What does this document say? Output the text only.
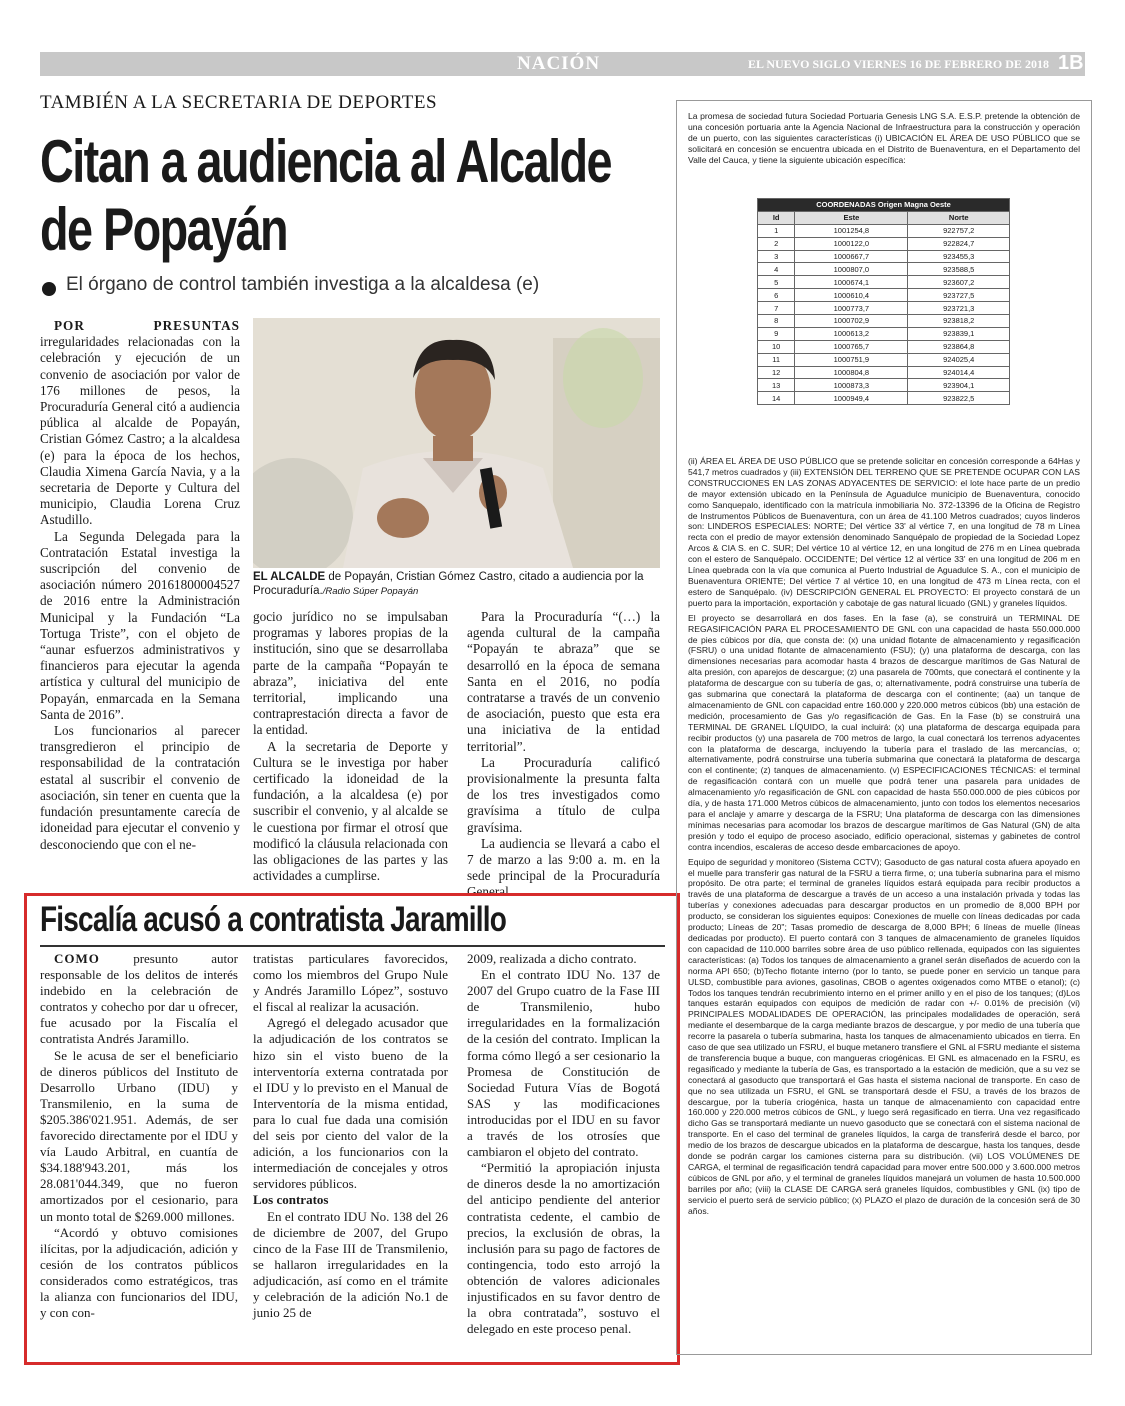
NACIÓN	EL NUEVO SIGLO VIERNES 16 DE FEBRERO DE 2018 1B
TAMBIÉN A LA SECRETARIA DE DEPORTES
Citan a audiencia al Alcalde de Popayán
El órgano de control también investiga a la alcaldesa (e)

POR PRESUNTAS irregularidades relacionadas con la celebración y ejecución de un convenio de asociación por valor de 176 millones de pesos, la Procuraduría General citó a audiencia pública al alcalde de Popayán, Cristian Gómez Castro; a la alcaldesa (e) para la época de los hechos, Claudia Ximena García Navia, y a la secretaria de Deporte y Cultura del municipio, Claudia Lorena Cruz Astudillo.

La Segunda Delegada para la Contratación Estatal investiga la suscripción del convenio de asociación número 20161800004527 de 2016 entre la Administración Municipal y la Fundación “La Tortuga Triste”, con el objeto de “aunar esfuerzos administrativos y financieros para ejecutar la agenda artística y cultural del municipio de Popayán, enmarcada en la Semana Santa de 2016”.

Los funcionarios al parecer transgredieron el principio de responsabilidad de la contratación estatal al suscribir el convenio de asociación, sin tener en cuenta que la fundación presuntamente carecía de idoneidad para ejecutar el convenio y desconociendo que con el ne-

EL ALCALDE de Popayán, Cristian Gómez Castro, citado a audiencia por la Procuraduría./Radio Súper Popayán

gocio jurídico no se impulsaban programas y labores propias de la institución, sino que se desarrollaba parte de la campaña “Popayán te abraza”, iniciativa del ente territorial, implicando una contraprestación directa a favor de la entidad.

A la secretaria de Deporte y Cultura se le investiga por haber certificado la idoneidad de la fundación, a la alcaldesa (e) por suscribir el convenio, y al alcalde se le cuestiona por firmar el otrosí que modificó la cláusula relacionada con las obligaciones de las partes y las actividades a cumplirse.

Para la Procuraduría “(…) la agenda cultural de la campaña “Popayán te abraza” que se desarrolló en la época de semana Santa en el 2016, no podía contratarse a través de un convenio de asociación, puesto que esta era una iniciativa de la entidad territorial”.

La Procuraduría calificó provisionalmente la presunta falta de los tres investigados como gravísima a título de culpa gravísima.

La audiencia se llevará a cabo el 7 de marzo a las 9:00 a. m. en la sede principal de la Procuraduría General.

Fiscalía acusó a contratista Jaramillo

COMO	presunto autor responsable de los delitos de interés indebido en la celebración de contratos y cohecho por dar u ofrecer, fue acusado por la Fiscalía el contratista Andrés Jaramillo.

Se le acusa de ser el beneficiario de dineros públicos del Instituto de Desarrollo Urbano (IDU) y Transmilenio, en la suma de $205.386'021.951. Además, de ser favorecido directamente por el IDU y vía Laudo Arbitral, en cuantía de $34.188'943.201, más los 28.081'044.349, que no fueron amortizados por el cesionario, para un monto total de $269.000 millones.

“Acordó y obtuvo comisiones ilícitas, por la adjudicación, adición y cesión de los contratos públicos considerados como estratégicos, tras la alianza con funcionarios del IDU, y con con-

tratistas particulares favorecidos, como los miembros del Grupo Nule y Andrés Jaramillo López”, sostuvo el fiscal al realizar la acusación.

Agregó el delegado acusador que la adjudicación de los contratos se hizo sin el visto bueno de la interventoría externa contratada por el IDU y lo previsto en el Manual de Interventoría de la misma entidad, para lo cual fue dada una comisión del seis por ciento del valor de la adición, a los funcionarios con la intermediación de concejales y otros servidores públicos.

Los contratos

En el contrato IDU No. 138 del 26 de diciembre de 2007, del Grupo cinco de la Fase III de Transmilenio, se hallaron irregularidades en la adjudicación, así como en el trámite y celebración de la adición No.1 de junio 25 de

2009, realizada a dicho contrato.

En el contrato IDU No. 137 de 2007 del Grupo cuatro de la Fase III de Transmilenio, hubo irregularidades en la formalización de la cesión del contrato. Implican la forma cómo llegó a ser cesionario la Promesa de Constitución de Sociedad Futura Vías de Bogotá SAS y las modificaciones introducidas por el IDU en su favor a través de los otrosíes que cambiaron el objeto del contrato.

“Permitió la apropiación injusta de dineros desde la no amortización del anticipo pendiente del anterior contratista cedente, el cambio de precios, la exclusión de obras, la inclusión para su pago de factores de contingencia, todo esto arrojó la obtención de valores adicionales injustificados en su favor dentro de la obra contratada”, sostuvo el delegado en este proceso penal.

La promesa de sociedad futura Sociedad Portuaria Genesis LNG S.A. E.S.P. pretende la obtención de una concesión portuaria ante la Agencia Nacional de Infraestructura para la construcción y operación de un puerto, con las siguientes características (i) UBICACIÓN EL ÁREA DE USO PÚBLICO que se solicitará en concesión se encuentra ubicada en el Distrito de Buenaventura, en el Departamento del Valle del Cauca, y tiene la siguiente ubicación específica:
COORDENADAS Origen Magna Oeste		
Id	Este	Norte
1	1001254,8	922757,2
2	1000122,0	922824,7
3	1000667,7	923455,3
4	1000807,0	923588,5
5	1000674,1	923607,2
6	1000610,4	923727,5
7	1000773,7	923721,3
8	1000702,9	923818,2
9	1000613,2	923839,1
10	1000765,7	923864,8
11	1000751,9	924025,4
12	1000804,8	924014,4
13	1000873,3	923904,1
14	1000949,4	923822,5

(ii) ÁREA EL ÁREA DE USO PÚBLICO que se pretende solicitar en concesión corresponde a 64Has y 541,7 metros cuadrados y (iii) EXTENSIÓN DEL TERRENO QUE SE PRETENDE OCUPAR CON LAS CONSTRUCCIONES EN LAS ZONAS ADYACENTES DE SERVICIO: el lote hace parte de un predio de mayor extensión ubicado en la Península de Aguadulce municipio de Buenaventura, conocido como Sanquepalo, identificado con la matrícula inmobiliaria No. 372-13396 de la Oficina de Registro de Instrumentos Públicos de Buenaventura, con un área de 41.100 Metros cuadrados; cuyos linderos son: LINDEROS ESPECIALES: NORTE; Del vértice 33' al vértice 7, en una longitud de 78 m Línea recta con el predio de mayor extensión denominado Sanquépalo de propiedad de la Sociedad Lopez Arcos & CIA S. en C. SUR; Del vértice 10 al vértice 12, en una longitud de 276 m en Línea quebrada con el estero de Sanquépalo. OCCIDENTE; Del vértice 12 al vértice 33' en una longitud de 206 m en Línea quebrada con la vía que comunica al Puerto Industrial de Aguadulce S. A., con el municipio de Buenaventura ORIENTE; Del vértice 7 al vértice 10, en una longitud de 473 m Línea recta, con el estero de Sanquépalo. (iv) DESCRIPCIÓN GENERAL EL PROYECTO: El proyecto constará de un puerto para la importación, exportación y cabotaje de gas natural licuado (GNL) y graneles líquidos.

El proyecto se desarrollará en dos fases. En la fase (a), se construirá un TERMINAL DE REGASIFICACIÓN PARA EL PROCESAMIENTO DE GNL con una capacidad de hasta 550.000.000 de pies cúbicos por día, que consta de: (x) una unidad flotante de almacenamiento y regasificación (FSRU) o una unidad flotante de almacenamiento (FSU); (y) una plataforma de descarga, con las dimensiones necesarias para acomodar hasta 4 brazos de descargue marítimos de Gas Natural de alta presión, con aparejos de descargue; (z) una pasarela de 700mts, que conectará el continente y la plataforma de descargue con su tubería de gas, o; alternativamente, podrá construirse una tubería de gas submarina que conectará la plataforma de descarga con el continente; (aa) un tanque de almacenamiento de GNL con capacidad entre 160.000 y 220.000 metros cúbicos (bb) una estación de medición, procesamiento de Gas y/o regasificación de Gas. En la Fase (b) se construirá una TERMINAL DE GRANEL LÍQUIDO, la cual incluirá: (x) una plataforma de descarga equipada para recibir productos (y) una pasarela de 700 metros de largo, la cual conectará los terrenos adyacentes con la plataforma de descarga, incluyendo la tubería para el traslado de las mercancías, o; alternativamente, podrá construirse una tubería submarina que conectará la plataforma de descarga con el continente; (z) tanques de almacenamiento. (v) ESPECIFICACIONES TÉCNICAS: el terminal de regasificación contará con un muelle que podrá tener una pasarela para unidades de almacenamiento y/o regasificación de GNL con capacidad de hasta 550.000.000 de pies cúbicos por día, y de hasta 171.000 Metros cúbicos de almacenamiento, junto con todos los elementos necesarios para el anclaje y amarre y descarga de la FSRU; Una plataforma de descarga con las dimensiones mínimas necesarias para acomodar los brazos de descargue marítimos de Gas Natural (GN) de alta presión y todo el equipo de proceso asociado, edificio operacional, sistemas y gabinetes de control contra incendios, escaleras de acceso desde embarcaciones de apoyo.

Equipo de seguridad y monitoreo (Sistema CCTV); Gasoducto de gas natural costa afuera apoyado en el muelle para transferir gas natural de la FSRU a tierra firme, o; una tubería subnarina para el mismo propósito. De otra parte; el terminal de graneles líquidos estará equipada para recibir productos a través de una plataforma de descargue a través de un acceso a una instalación privada y todas las tuberías y conexiones adecuadas para descargar productos en un promedio de 8,000 BPH por producto, se consideran los siguientes equipos: Conexiones de muelle con líneas dedicadas por cada producto; Líneas de 20"; Tasas promedio de descarga de 8,000 BPH; 6 líneas de muelle (líneas dedicadas por producto). El puerto contará con 3 tanques de almacenamiento de graneles líquidos con capacidad de 110.000 barriles sobre área de uso público rellenada, equipados con las siguientes características: (a) Todos los tanques de almacenamiento a granel serán diseñados de acuerdo con la norma API 650; (b)Techo flotante interno (por lo tanto, se puede poner en servicio un tanque para ULSD, combustible para aviones, gasolinas, CBOB o agentes oxigenados como MTBE o etanol); (c) Todos los tanques tendrán recubrimiento interno en el primer anillo y en el piso de los tanques; (d)Los tanques estarán equipados con equipos de medición de radar con +/- 0.01% de precisión (vi) PRINCIPALES MODALIDADES DE OPERACIÓN, las principales modalidades de operación, será mediante el desembarque de la carga mediante brazos de descargue, y por medio de una tubería que recorre la pasarela o tubería submarina, hasta los tanques de almacenamiento ubicados en tierra. En caso de que sea utilizado un FSRU, el buque metanero transfiere el GNL al FSRU mediante el sistema de transferencia buque a buque, con mangueras criogénicas. El GNL es almacenado en la FSRU, es regasificado y mediante la tubería de Gas, es transportado a la estación de medición, que a su vez se conectará al gasoducto que transportará el Gas hasta el sistema nacional de transporte. En caso de que no sea utilizada un FSRU, el GNL se transportará desde el FSU, a través de los brazos de descargue, por la tubería criogénica, hasta un tanque de almacenamiento con capacidad entre 160.000 y 220.000 metros cúbicos de GNL, y luego será regasificado en tierra. Una vez regasificado dicho Gas se transportará mediante un nuevo gasoducto que se conectará con el sistema nacional de transporte. En el caso del terminal de graneles líquidos, la carga de transferirá desde el barco, por medio de los brazos de descargue ubicados en la plataforma de descargue, hasta los tanques, desde donde se podrán cargar los camiones cisterna para su distribución. (vii) LOS VOLÚMENES DE CARGA, el terminal de regasificación tendrá capacidad para mover entre 500.000 y 3.600.000 metros cúbicos de GNL por año, y el terminal de graneles líquidos manejará un volumen de hasta 10.500.000 barriles por año; (viii) la CLASE DE CARGA será graneles líquidos, combustibles y GNL (ix) tipo de servicio el puerto será de servicio público; (x) PLAZO el plazo de duración de la concesión será de 30 años.
